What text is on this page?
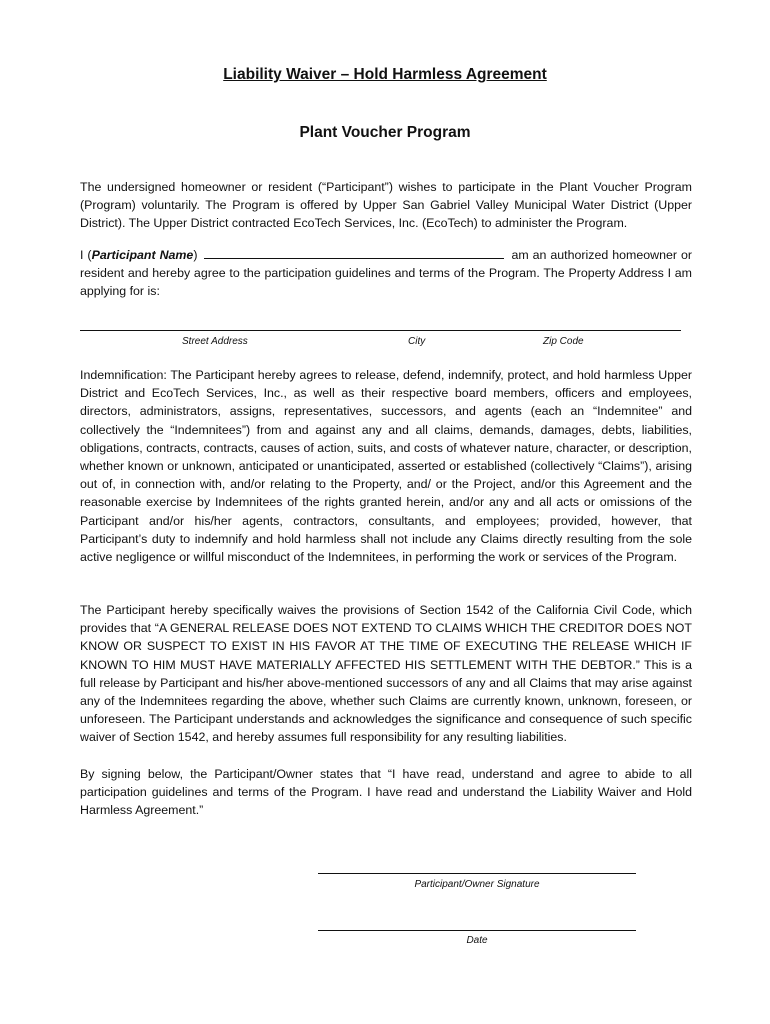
Liability Waiver – Hold Harmless Agreement
Plant Voucher Program
The undersigned homeowner or resident (“Participant”) wishes to participate in the Plant Voucher Program (Program) voluntarily. The Program is offered by Upper San Gabriel Valley Municipal Water District (Upper District). The Upper District contracted EcoTech Services, Inc. (EcoTech) to administer the Program.
I (Participant Name)	am an authorized homeowner or resident and hereby agree to the participation guidelines and terms of the Program. The Property Address I am applying for is:
Street Address	City	Zip Code
Indemnification: The Participant hereby agrees to release, defend, indemnify, protect, and hold harmless Upper District and EcoTech Services, Inc., as well as their respective board members, officers and employees, directors, administrators, assigns, representatives, successors, and agents (each an “Indemnitee” and collectively the “Indemnitees”) from and against any and all claims, demands, damages, debts, liabilities, obligations, contracts, contracts, causes of action, suits, and costs of whatever nature, character, or description, whether known or unknown, anticipated or unanticipated, asserted or established (collectively “Claims”), arising out of, in connection with, and/or relating to the Property, and/ or the Project, and/or this Agreement and the reasonable exercise by Indemnitees of the rights granted herein, and/or any and all acts or omissions of the Participant and/or his/her agents, contractors, consultants, and employees; provided, however, that Participant’s duty to indemnify and hold harmless shall not include any Claims directly resulting from the sole active negligence or willful misconduct of the Indemnitees, in performing the work or services of the Program.
The Participant hereby specifically waives the provisions of Section 1542 of the California Civil Code, which provides that “A GENERAL RELEASE DOES NOT EXTEND TO CLAIMS WHICH THE CREDITOR DOES NOT KNOW OR SUSPECT TO EXIST IN HIS FAVOR AT THE TIME OF EXECUTING THE RELEASE WHICH IF KNOWN TO HIM MUST HAVE MATERIALLY AFFECTED HIS SETTLEMENT WITH THE DEBTOR.” This is a full release by Participant and his/her above-mentioned successors of any and all Claims that may arise against any of the Indemnitees regarding the above, whether such Claims are currently known, unknown, foreseen, or unforeseen. The Participant understands and acknowledges the significance and consequence of such specific waiver of Section 1542, and hereby assumes full responsibility for any resulting liabilities.
By signing below, the Participant/Owner states that “I have read, understand and agree to abide to all participation guidelines and terms of the Program. I have read and understand the Liability Waiver and Hold Harmless Agreement.”
Participant/Owner Signature
Date
